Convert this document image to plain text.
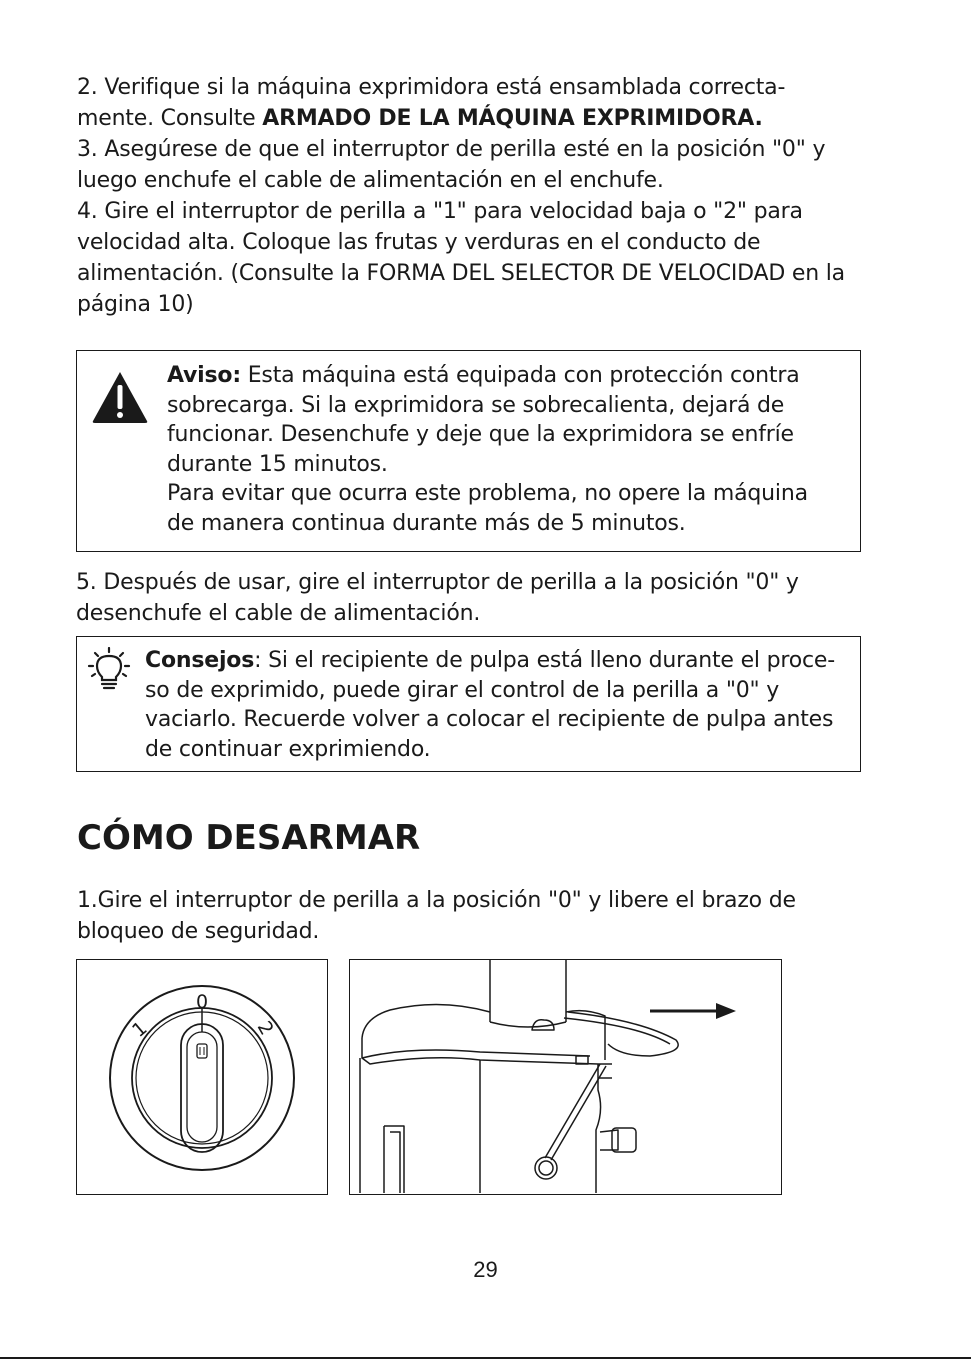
2. Verifique si la máquina exprimidora está ensamblada correcta-
mente. Consulte ARMADO DE LA MÁQUINA EXPRIMIDORA.
3. Asegúrese de que el interruptor de perilla esté en la posición "0" y
luego enchufe el cable de alimentación en el enchufe.
4. Gire el interruptor de perilla a "1" para velocidad baja o "2" para
velocidad alta. Coloque las frutas y verduras en el conducto de
alimentación. (Consulte la FORMA DEL SELECTOR DE VELOCIDAD en la
página 10)
Aviso: Esta máquina está equipada con protección contra
sobrecarga. Si la exprimidora se sobrecalienta, dejará de
funcionar. Desenchufe y deje que la exprimidora se enfríe
durante 15 minutos.
Para evitar que ocurra este problema, no opere la máquina
de manera continua durante más de 5 minutos.
5. Después de usar, gire el interruptor de perilla a la posición "0" y
desenchufe el cable de alimentación.
Consejos: Si el recipiente de pulpa está lleno durante el proce-
so de exprimido, puede girar el control de la perilla a "0" y
vaciarlo. Recuerde volver a colocar el recipiente de pulpa antes
de continuar exprimiendo.
CÓMO DESARMAR
1.Gire el interruptor de perilla a la posición "0" y libere el brazo de
bloqueo de seguridad.
0
1	2
29
